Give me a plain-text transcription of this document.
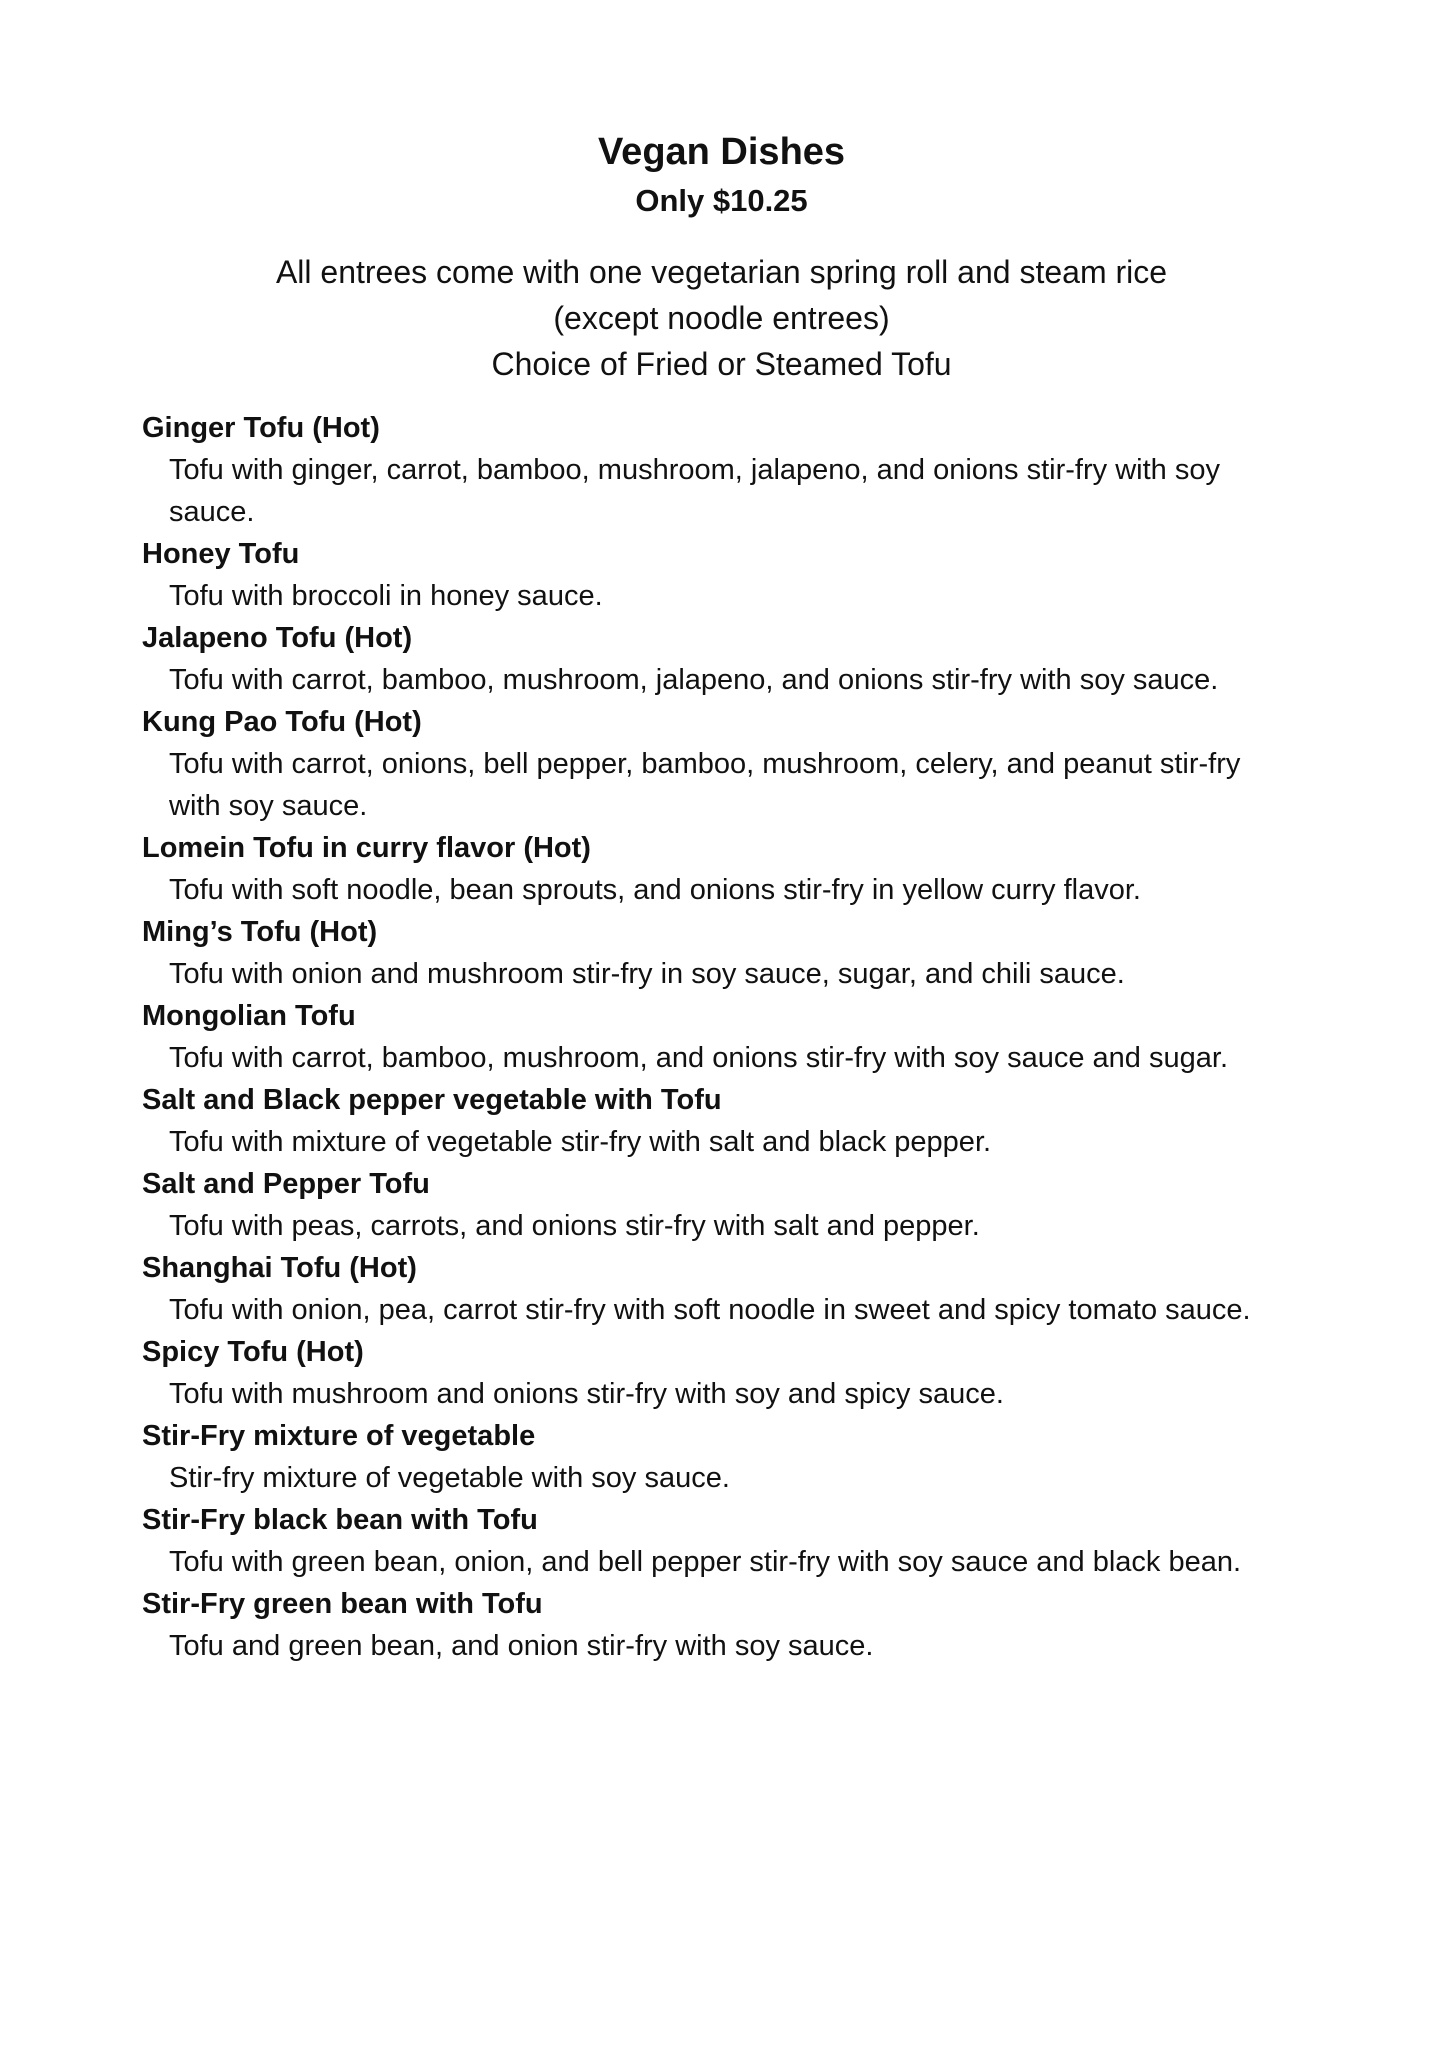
Vegan Dishes
Only $10.25
All entrees come with one vegetarian spring roll and steam rice
(except noodle entrees)
Choice of Fried or Steamed Tofu
Ginger Tofu (Hot)
Tofu with ginger, carrot, bamboo, mushroom, jalapeno, and onions stir-fry with soy sauce.
Honey Tofu
Tofu with broccoli in honey sauce.
Jalapeno Tofu (Hot)
Tofu with carrot, bamboo, mushroom, jalapeno, and onions stir-fry with soy sauce.
Kung Pao Tofu (Hot)
Tofu with carrot, onions, bell pepper, bamboo, mushroom, celery, and peanut stir-fry with soy sauce.
Lomein Tofu in curry flavor (Hot)
Tofu with soft noodle, bean sprouts, and onions stir-fry in yellow curry flavor.
Ming’s Tofu (Hot)
Tofu with onion and mushroom stir-fry in soy sauce, sugar, and chili sauce.
Mongolian Tofu
Tofu with carrot, bamboo, mushroom, and onions stir-fry with soy sauce and sugar.
Salt and Black pepper vegetable with Tofu
Tofu with mixture of vegetable stir-fry with salt and black pepper.
Salt and Pepper Tofu
Tofu with peas, carrots, and onions stir-fry with salt and pepper.
Shanghai Tofu (Hot)
Tofu with onion, pea, carrot stir-fry with soft noodle in sweet and spicy tomato sauce.
Spicy Tofu (Hot)
Tofu with mushroom and onions stir-fry with soy and spicy sauce.
Stir-Fry mixture of vegetable
Stir-fry mixture of vegetable with soy sauce.
Stir-Fry black bean with Tofu
Tofu with green bean, onion, and bell pepper stir-fry with soy sauce and black bean.
Stir-Fry green bean with Tofu
Tofu and green bean, and onion stir-fry with soy sauce.
